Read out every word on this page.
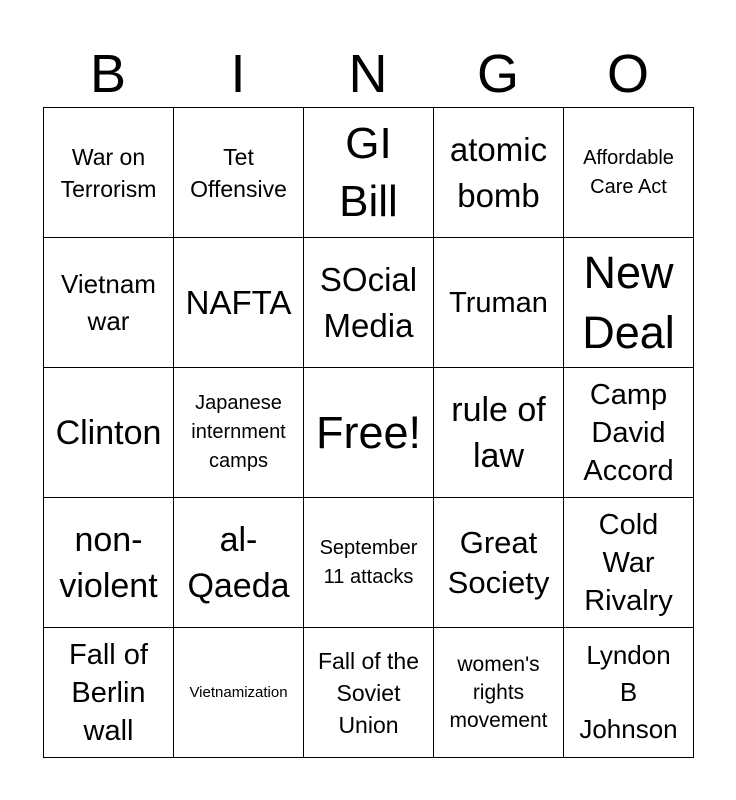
B	I	N	G	O
War on
Terrorism	Tet
Offensive	GI
Bill	atomic
bomb	Affordable
Care Act

Vietnam
war	NAFTA	SOcial
Media	Truman	New
Deal

Clinton	Japanese
internment
camps	Free!	rule of
law	Camp
David
Accord

non-
violent	al-
Qaeda	September
11 attacks	Great
Society	Cold
War
Rivalry

Fall of
Berlin
wall	Vietnamization	Fall of the
Soviet
Union	women's
rights
movement	Lyndon
B
Johnson
